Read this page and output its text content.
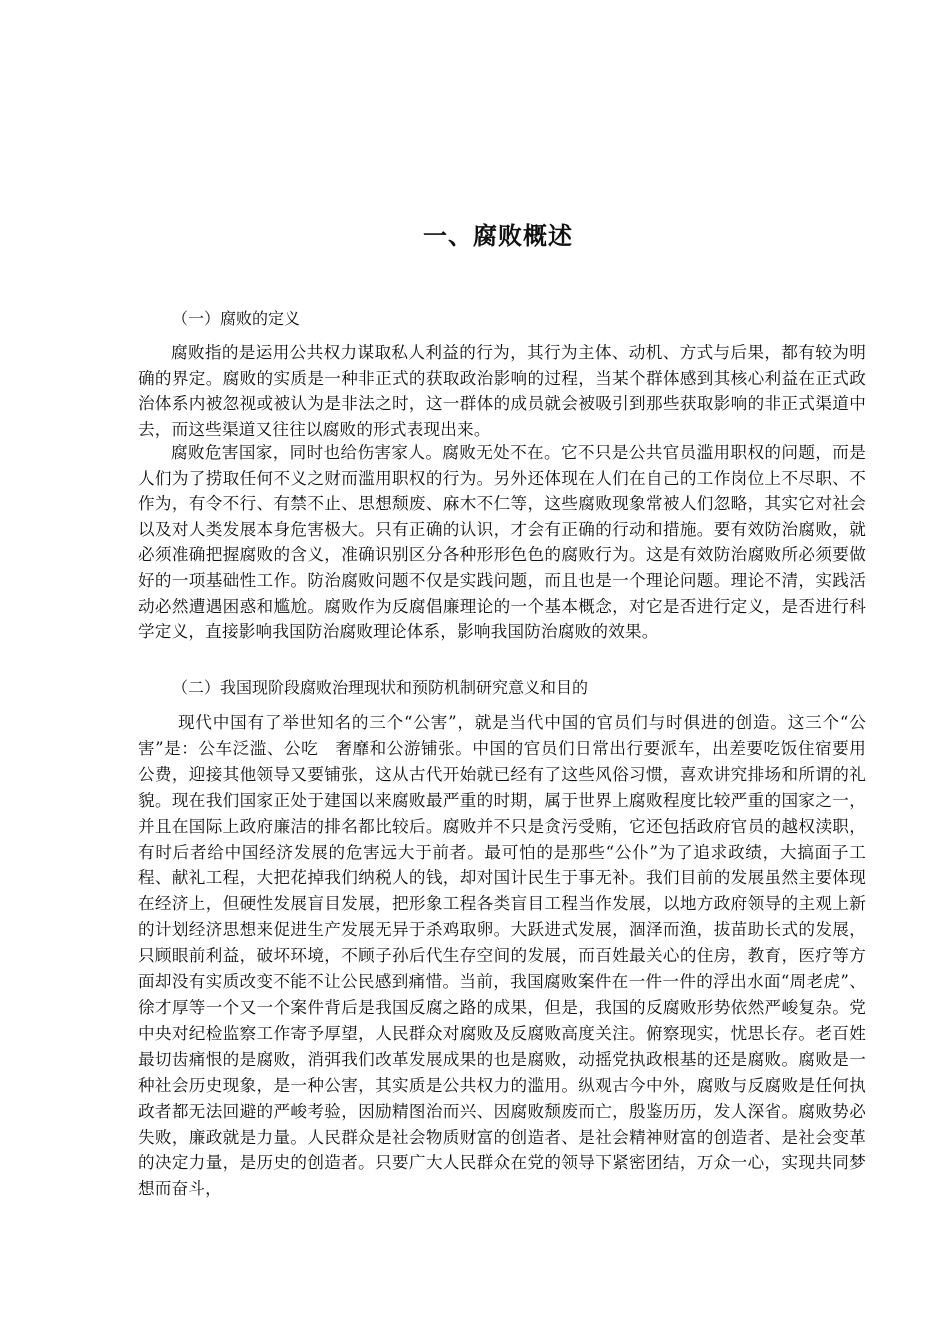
一、腐败概述
（一）腐败的定义
腐败指的是运用公共权力谋取私人利益的行为，其行为主体、动机、方式与后果，都有较为明确的界定。腐败的实质是一种非正式的获取政治影响的过程，当某个群体感到其核心利益在正式政治体系内被忽视或被认为是非法之时，这一群体的成员就会被吸引到那些获取影响的非正式渠道中去，而这些渠道又往往以腐败的形式表现出来。
腐败危害国家，同时也给伤害家人。腐败无处不在。它不只是公共官员滥用职权的问题，而是人们为了捞取任何不义之财而滥用职权的行为。另外还体现在人们在自己的工作岗位上不尽职、不作为，有令不行、有禁不止、思想颓废、麻木不仁等，这些腐败现象常被人们忽略，其实它对社会以及对人类发展本身危害极大。只有正确的认识，才会有正确的行动和措施。要有效防治腐败，就必须准确把握腐败的含义，准确识别区分各种形形色色的腐败行为。这是有效防治腐败所必须要做好的一项基础性工作。防治腐败问题不仅是实践问题，而且也是一个理论问题。理论不清，实践活动必然遭遇困惑和尴尬。腐败作为反腐倡廉理论的一个基本概念，对它是否进行定义，是否进行科学定义，直接影响我国防治腐败理论体系，影响我国防治腐败的效果。
（二）我国现阶段腐败治理现状和预防机制研究意义和目的
现代中国有了举世知名的三个“公害”，就是当代中国的官员们与时俱进的创造。这三个“公害”是：公车泛滥、公吃　奢靡和公游铺张。中国的官员们日常出行要派车，出差要吃饭住宿要用公费，迎接其他领导又要铺张，这从古代开始就已经有了这些风俗习惯，喜欢讲究排场和所谓的礼貌。现在我们国家正处于建国以来腐败最严重的时期，属于世界上腐败程度比较严重的国家之一，并且在国际上政府廉洁的排名都比较后。腐败并不只是贪污受贿，它还包括政府官员的越权渎职，有时后者给中国经济发展的危害远大于前者。最可怕的是那些“公仆”为了追求政绩，大搞面子工程、献礼工程，大把花掉我们纳税人的钱，却对国计民生于事无补。我们目前的发展虽然主要体现在经济上，但硬性发展盲目发展，把形象工程各类盲目工程当作发展，以地方政府领导的主观上新的计划经济思想来促进生产发展无异于杀鸡取卵。大跃进式发展，涸泽而渔，拔苗助长式的发展，只顾眼前利益，破坏环境，不顾子孙后代生存空间的发展，而百姓最关心的住房，教育，医疗等方面却没有实质改变不能不让公民感到痛惜。当前，我国腐败案件在一件一件的浮出水面“周老虎”、徐才厚等一个又一个案件背后是我国反腐之路的成果，但是，我国的反腐败形势依然严峻复杂。党中央对纪检监察工作寄予厚望，人民群众对腐败及反腐败高度关注。俯察现实，忧思长存。老百姓最切齿痛恨的是腐败，消弭我们改革发展成果的也是腐败，动摇党执政根基的还是腐败。腐败是一种社会历史现象，是一种公害，其实质是公共权力的滥用。纵观古今中外，腐败与反腐败是任何执政者都无法回避的严峻考验，因励精图治而兴、因腐败颓废而亡，殷鉴历历，发人深省。腐败势必失败，廉政就是力量。人民群众是社会物质财富的创造者、是社会精神财富的创造者、是社会变革的决定力量，是历史的创造者。只要广大人民群众在党的领导下紧密团结，万众一心，实现共同梦想而奋斗，
